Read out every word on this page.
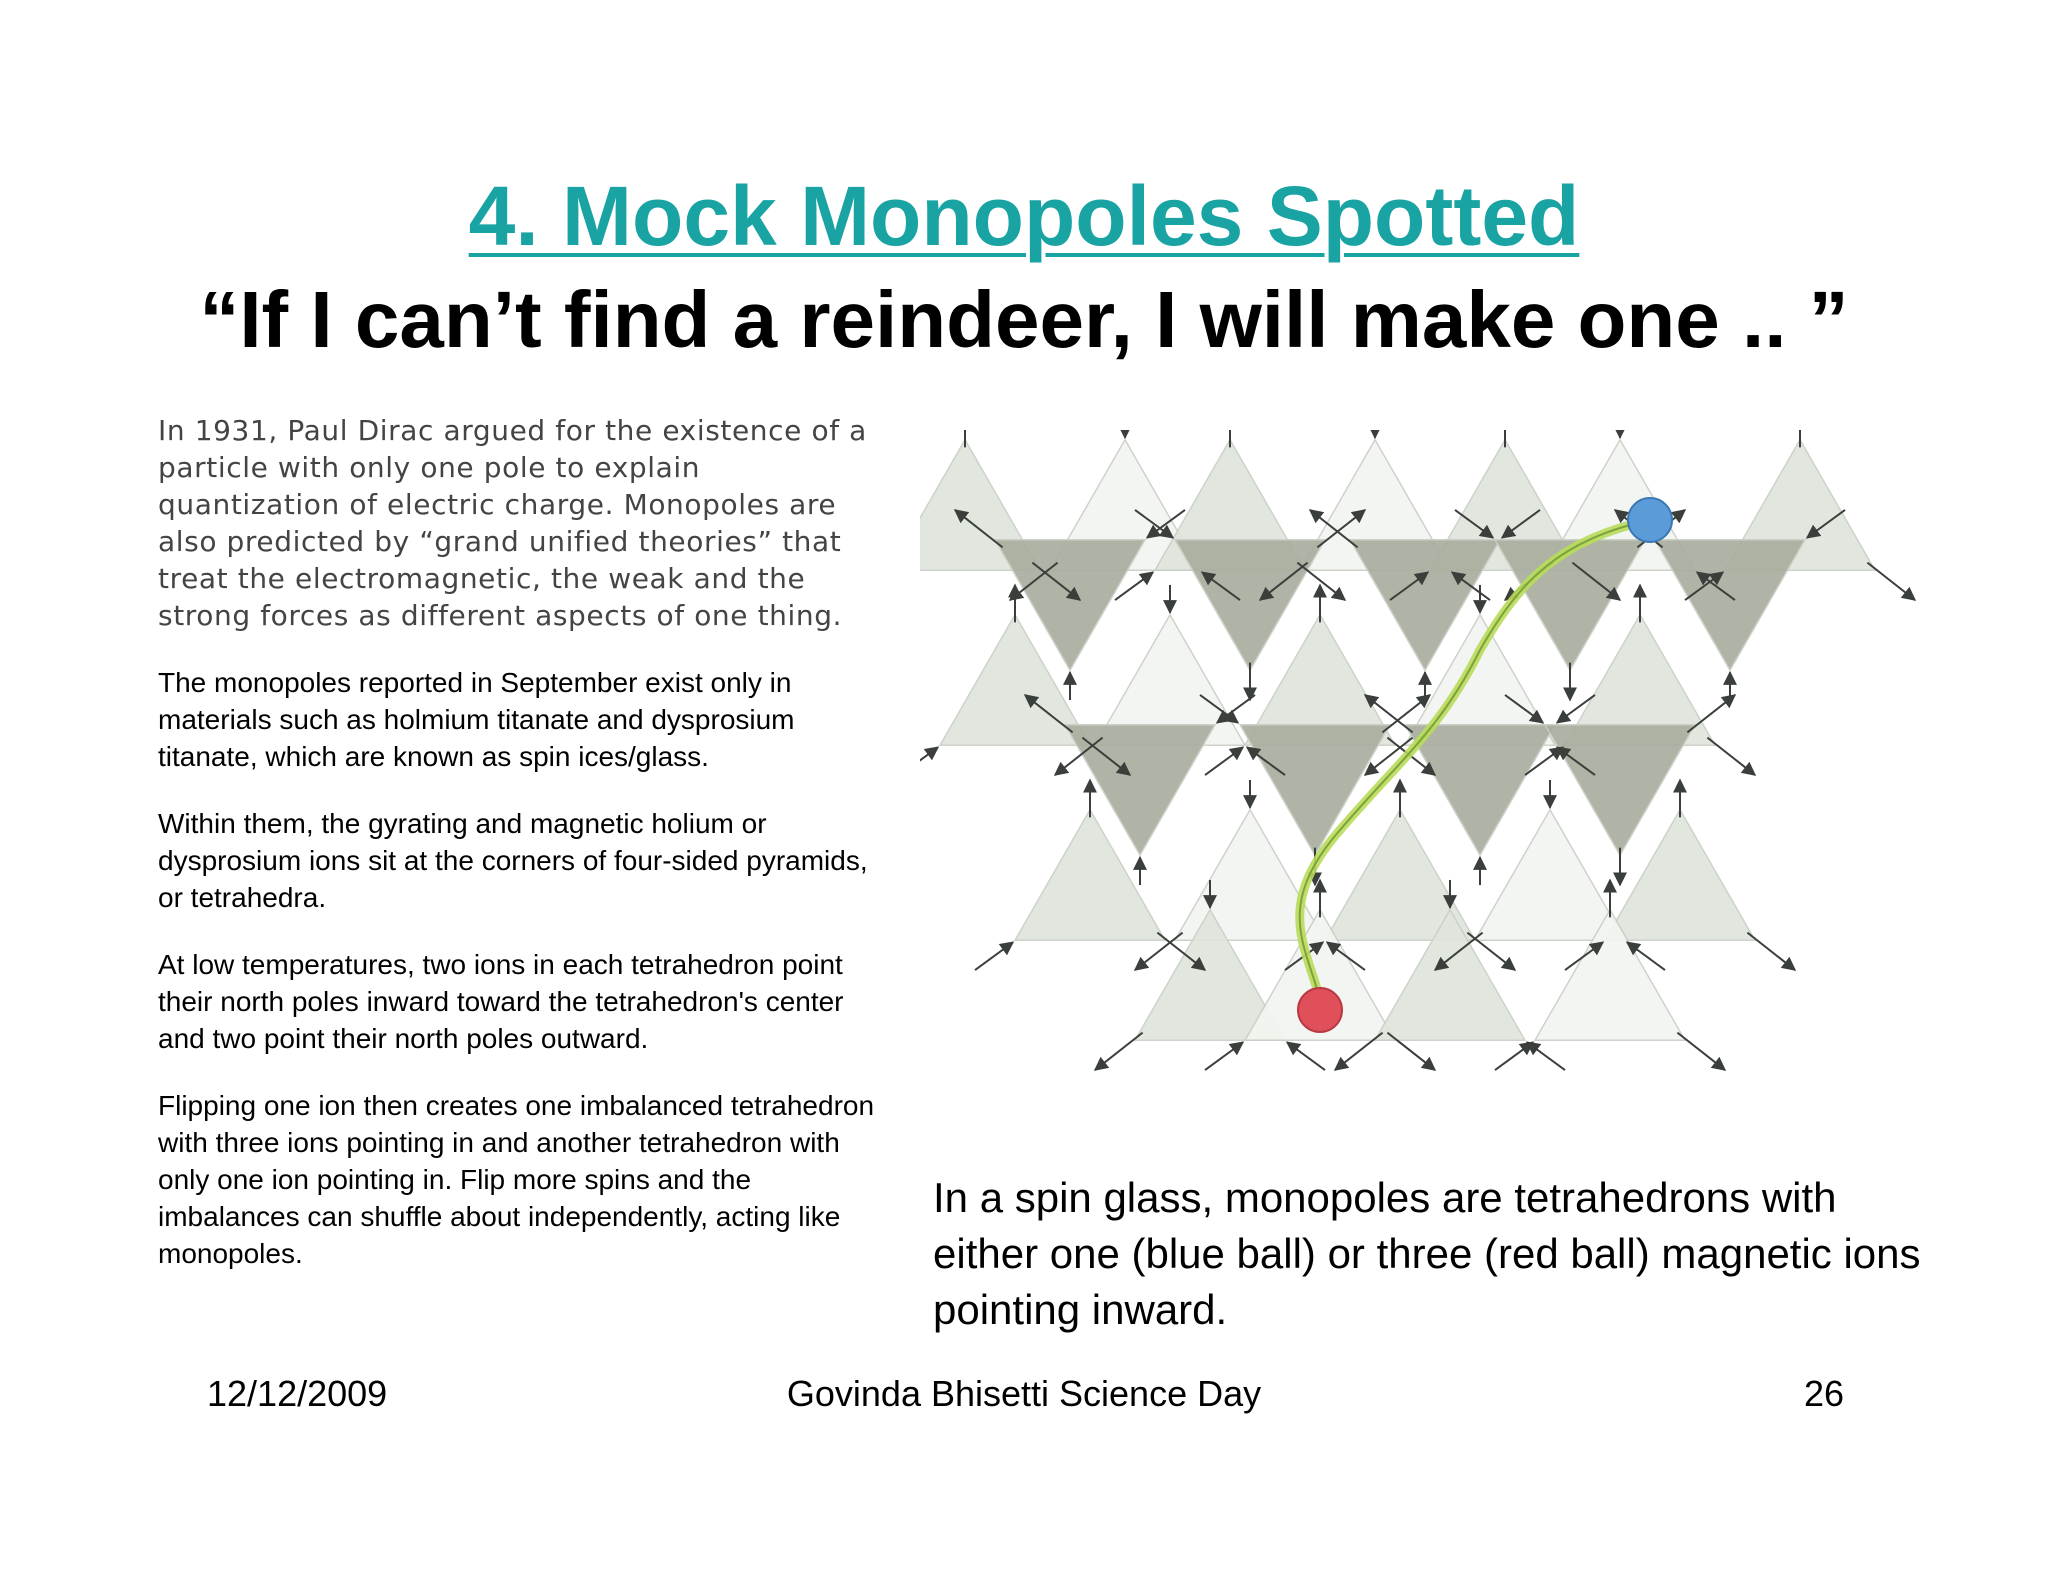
4. Mock Monopoles Spotted
“If I can’t find a reindeer, I will make one .. ”

In 1931, Paul Dirac argued for the existence of a particle with only one pole to explain quantization of electric charge. Monopoles are also predicted by “grand unified theories” that treat the electromagnetic, the weak and the strong forces as different aspects of one thing.

The monopoles reported in September exist only in materials such as holmium titanate and dysprosium titanate, which are known as spin ices/glass.

Within them, the gyrating and magnetic holium or dysprosium ions sit at the corners of four-sided pyramids, or tetrahedra.

At low temperatures, two ions in each tetrahedron point their north poles inward toward the tetrahedron's center and two point their north poles outward.

Flipping one ion then creates one imbalanced tetrahedron with three ions pointing in and another tetrahedron with only one ion pointing in. Flip more spins and the imbalances can shuffle about independently, acting like monopoles.

In a spin glass, monopoles are tetrahedrons with either one (blue ball) or three (red ball) magnetic ions pointing inward.

12/12/2009	Govinda Bhisetti Science Day	26
